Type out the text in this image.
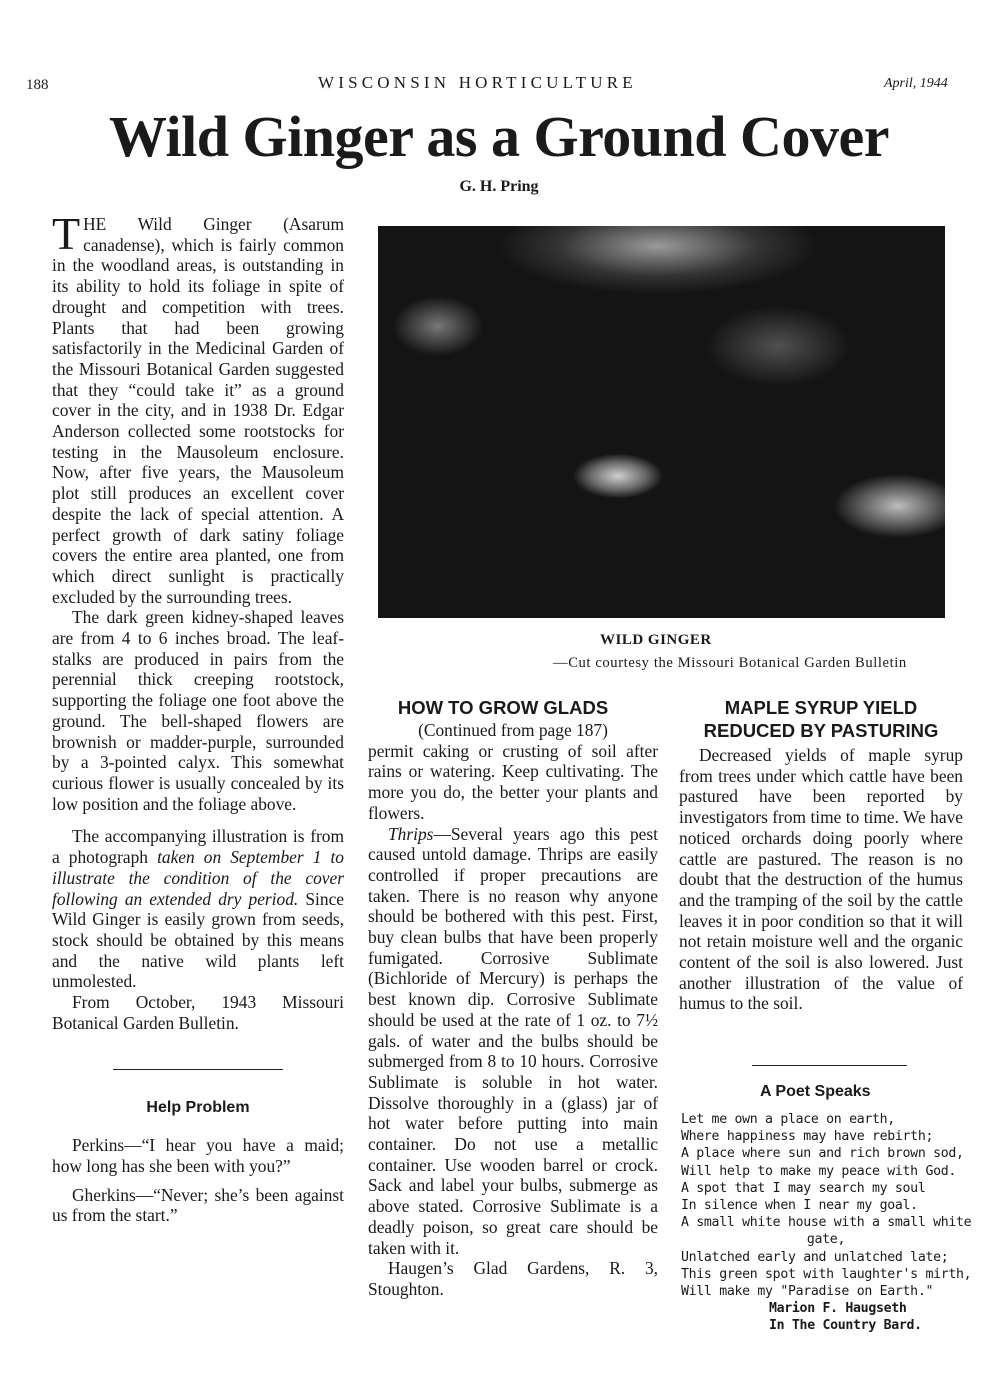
188	WISCONSIN HORTICULTURE	April, 1944
Wild Ginger as a Ground Cover
G. H. Pring

THE Wild Ginger (Asarum canadense), which is fairly common in the woodland areas, is outstanding in its ability to hold its foliage in spite of drought and competition with trees. Plants that had been growing satisfactorily in the Medicinal Garden of the Missouri Botanical Garden suggested that they “could take it” as a ground cover in the city, and in 1938 Dr. Edgar Anderson collected some rootstocks for testing in the Mausoleum enclosure. Now, after five years, the Mausoleum plot still produces an excellent cover despite the lack of special attention. A perfect growth of dark satiny foliage covers the entire area planted, one from which direct sunlight is practically excluded by the surrounding trees.

The dark green kidney-shaped leaves are from 4 to 6 inches broad. The leaf-stalks are produced in pairs from the perennial thick creeping rootstock, supporting the foliage one foot above the ground. The bell-shaped flowers are brownish or madder-purple, surrounded by a 3-pointed calyx. This somewhat curious flower is usually concealed by its low position and the foliage above.

The accompanying illustration is from a photograph taken on September 1 to illustrate the condition of the cover following an extended dry period. Since Wild Ginger is easily grown from seeds, stock should be obtained by this means and the native wild plants left unmolested.

From October, 1943 Missouri Botanical Garden Bulletin.

Help Problem

Perkins—“I hear you have a maid; how long has she been with you?”

Gherkins—“Never; she’s been against us from the start.”

WILD GINGER
—Cut courtesy the Missouri Botanical Garden Bulletin
HOW TO GROW GLADS

(Continued from page 187)

permit caking or crusting of soil after rains or watering. Keep cultivating. The more you do, the better your plants and flowers.

Thrips—Several years ago this pest caused untold damage. Thrips are easily controlled if proper precautions are taken. There is no reason why anyone should be bothered with this pest. First, buy clean bulbs that have been properly fumigated. Corrosive Sublimate (Bichloride of Mercury) is perhaps the best known dip. Corrosive Sublimate should be used at the rate of 1 oz. to 7½ gals. of water and the bulbs should be submerged from 8 to 10 hours. Corrosive Sublimate is soluble in hot water. Dissolve thoroughly in a (glass) jar of hot water before putting into main container. Do not use a metallic container. Use wooden barrel or crock. Sack and label your bulbs, submerge as above stated. Corrosive Sublimate is a deadly poison, so great care should be taken with it.

Haugen’s Glad Gardens, R. 3, Stoughton.

MAPLE SYRUP YIELD
REDUCED BY PASTURING

Decreased yields of maple syrup from trees under which cattle have been pastured have been reported by investigators from time to time. We have noticed orchards doing poorly where cattle are pastured. The reason is no doubt that the destruction of the humus and the tramping of the soil by the cattle leaves it in poor condition so that it will not retain moisture well and the organic content of the soil is also lowered. Just another illustration of the value of humus to the soil.

A Poet Speaks
Let me own a place on earth,
Where happiness may have rebirth;
A place where sun and rich brown sod,
Will help to make my peace with God.
A spot that I may search my soul
In silence when I near my goal.
A small white house with a small white
gate,
Unlatched early and unlatched late;
This green spot with laughter's mirth,
Will make my "Paradise on Earth."
Marion F. Haugseth
In The Country Bard.
